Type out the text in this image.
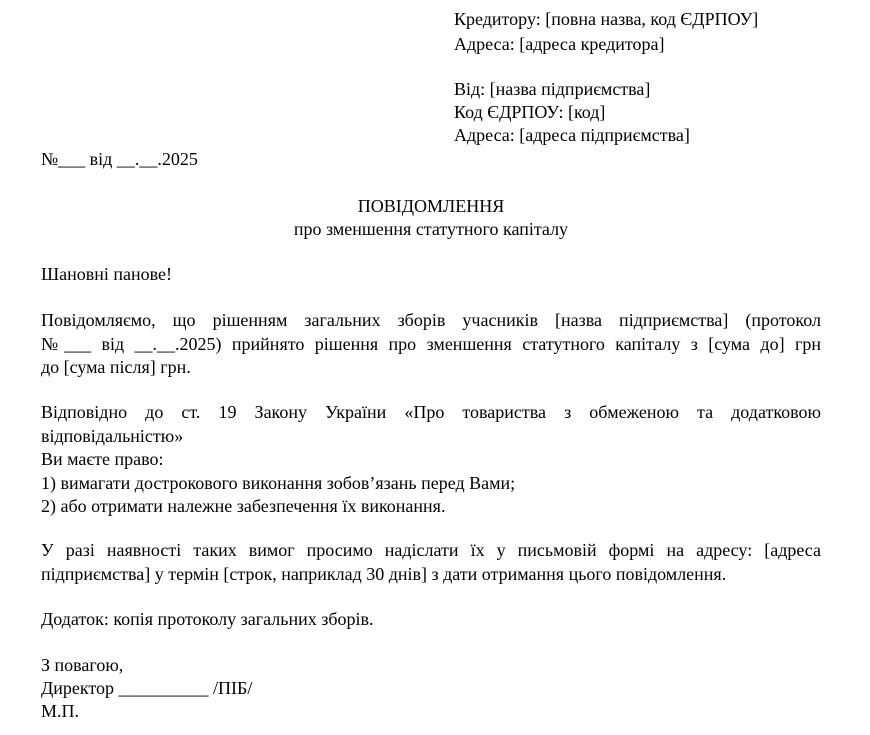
Кредитору: [повна назва, код ЄДРПОУ]
Адреса: [адреса кредитора]
Від: [назва підприємства]
Код ЄДРПОУ: [код]
Адреса: [адреса підприємства]
№___ від __.__.2025
ПОВІДОМЛЕННЯ
про зменшення статутного капіталу
Шановні панове!
Повідомляємо, що рішенням загальних зборів учасників [назва підприємства] (протокол
№___ від __.__.2025) прийнято рішення про зменшення статутного капіталу з [сума до] грн
до [сума після] грн.
Відповідно до ст. 19 Закону України «Про товариства з обмеженою та додатковою
відповідальністю»
Ви маєте право:
1) вимагати дострокового виконання зобов’язань перед Вами;
2) або отримати належне забезпечення їх виконання.
У разі наявності таких вимог просимо надіслати їх у письмовій формі на адресу: [адреса
підприємства] у термін [строк, наприклад 30 днів] з дати отримання цього повідомлення.
Додаток: копія протоколу загальних зборів.
З повагою,
Директор __________ /ПІБ/
М.П.
